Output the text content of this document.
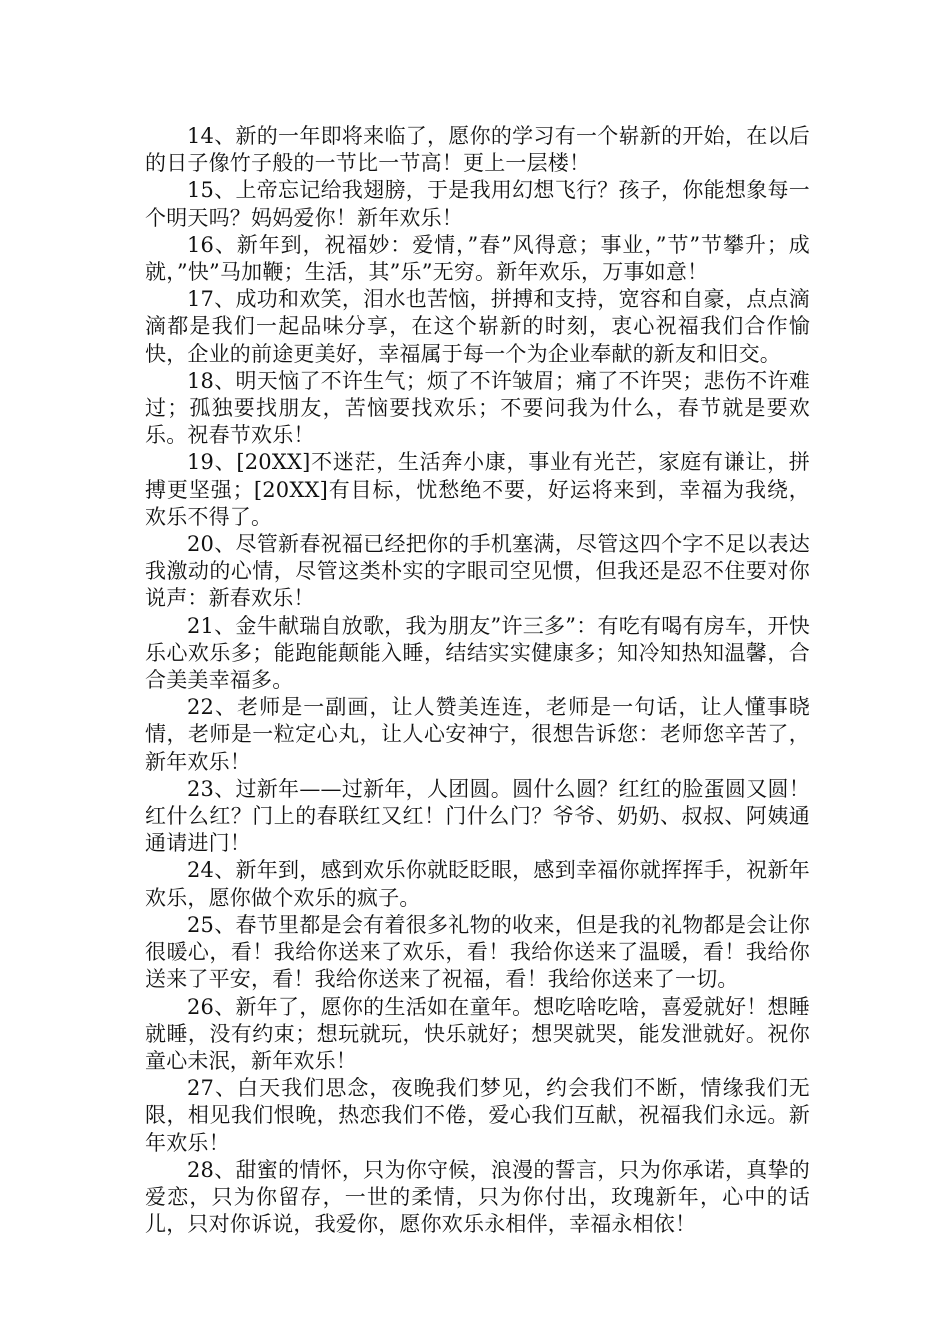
14、新的一年即将来临了，愿你的学习有一个崭新的开始，在以后的日子像竹子般的一节比一节高！更上一层楼！

15、上帝忘记给我翅膀，于是我用幻想飞行？孩子，你能想象每一个明天吗？妈妈爱你！新年欢乐！

16、新年到，祝福妙：爱情，”春”风得意；事业，”节”节攀升；成就，”快”马加鞭；生活，其”乐”无穷。新年欢乐，万事如意！

17、成功和欢笑，泪水也苦恼，拼搏和支持，宽容和自豪，点点滴滴都是我们一起品味分享，在这个崭新的时刻，衷心祝福我们合作愉快，企业的前途更美好，幸福属于每一个为企业奉献的新友和旧交。

18、明天恼了不许生气；烦了不许皱眉；痛了不许哭；悲伤不许难过；孤独要找朋友，苦恼要找欢乐；不要问我为什么，春节就是要欢乐。祝春节欢乐！

19、[20XX]不迷茫，生活奔小康，事业有光芒，家庭有谦让，拼搏更坚强；[20XX]有目标，忧愁绝不要，好运将来到，幸福为我绕，欢乐不得了。

20、尽管新春祝福已经把你的手机塞满，尽管这四个字不足以表达我激动的心情，尽管这类朴实的字眼司空见惯，但我还是忍不住要对你说声：新春欢乐！

21、金牛献瑞自放歌，我为朋友”许三多”：有吃有喝有房车，开快乐心欢乐多；能跑能颠能入睡，结结实实健康多；知冷知热知温馨，合合美美幸福多。

22、老师是一副画，让人赞美连连，老师是一句话，让人懂事晓情，老师是一粒定心丸，让人心安神宁，很想告诉您：老师您辛苦了，新年欢乐！

23、过新年——过新年，人团圆。圆什么圆？红红的脸蛋圆又圆！红什么红？门上的春联红又红！门什么门？爷爷、奶奶、叔叔、阿姨通通请进门！

24、新年到，感到欢乐你就眨眨眼，感到幸福你就挥挥手，祝新年欢乐，愿你做个欢乐的疯子。

25、春节里都是会有着很多礼物的收来，但是我的礼物都是会让你很暖心，看！我给你送来了欢乐，看！我给你送来了温暖，看！我给你送来了平安，看！我给你送来了祝福，看！我给你送来了一切。

26、新年了，愿你的生活如在童年。想吃啥吃啥，喜爱就好！想睡就睡，没有约束；想玩就玩，快乐就好；想哭就哭，能发泄就好。祝你童心未泯，新年欢乐！

27、白天我们思念，夜晚我们梦见，约会我们不断，情缘我们无限，相见我们恨晚，热恋我们不倦，爱心我们互献，祝福我们永远。新年欢乐！

28、甜蜜的情怀，只为你守候，浪漫的誓言，只为你承诺，真挚的爱恋，只为你留存，一世的柔情，只为你付出，玫瑰新年，心中的话儿，只对你诉说，我爱你，愿你欢乐永相伴，幸福永相依！
